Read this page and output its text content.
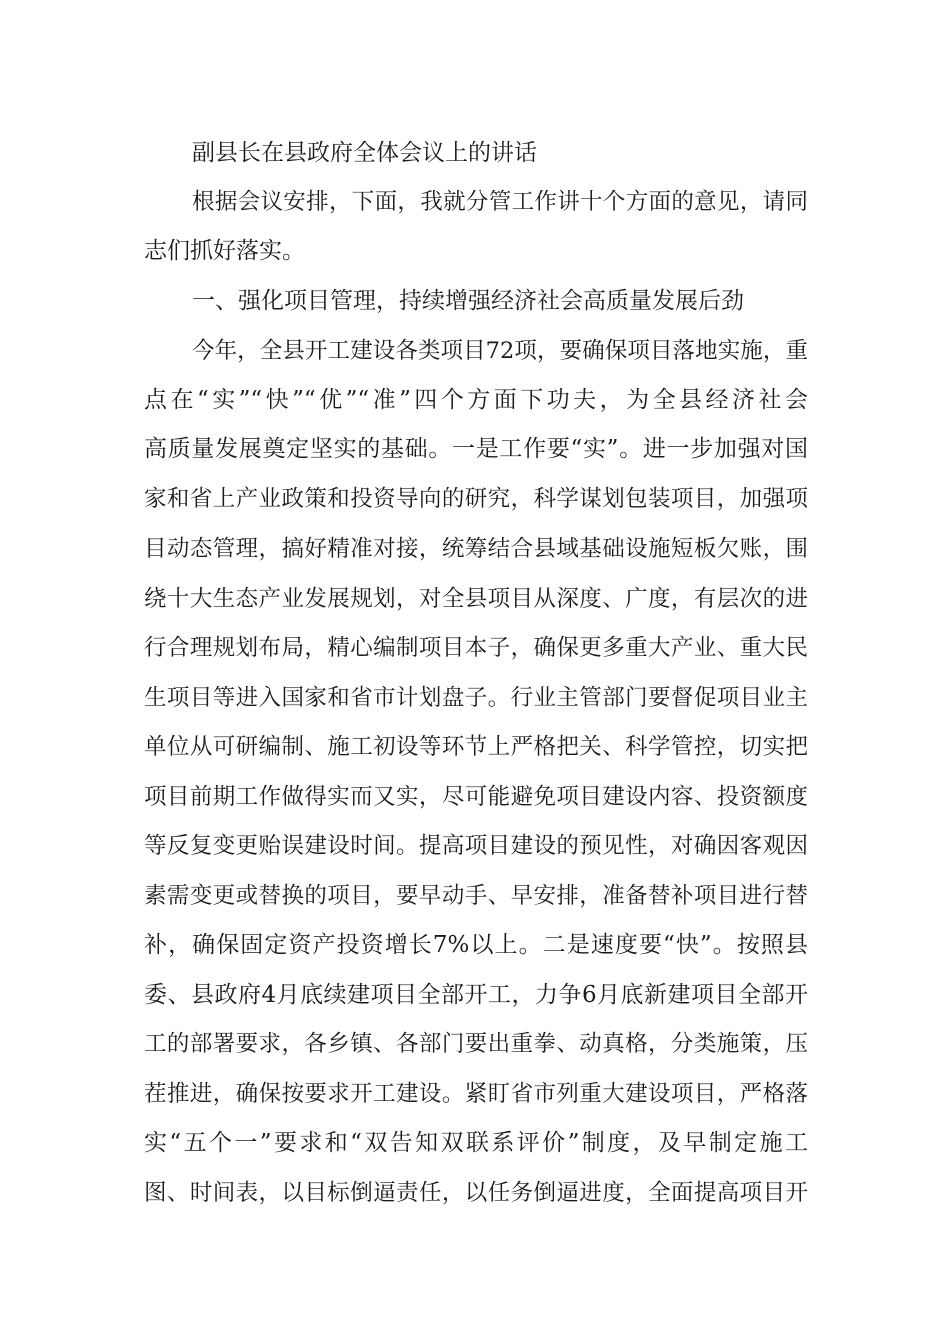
副县长在县政府全体会议上的讲话
根据会议安排，下面，我就分管工作讲十个方面的意见，请同
志们抓好落实。
一、强化项目管理，持续增强经济社会高质量发展后劲
今年，全县开工建设各类项目72项，要确保项目落地实施，重
点在“实”“快”“优”“准”四个方面下功夫，为全县经济社会
高质量发展奠定坚实的基础。一是工作要“实”。进一步加强对国
家和省上产业政策和投资导向的研究，科学谋划包装项目，加强项
目动态管理，搞好精准对接，统筹结合县域基础设施短板欠账，围
绕十大生态产业发展规划，对全县项目从深度、广度，有层次的进
行合理规划布局，精心编制项目本子，确保更多重大产业、重大民
生项目等进入国家和省市计划盘子。行业主管部门要督促项目业主
单位从可研编制、施工初设等环节上严格把关、科学管控，切实把
项目前期工作做得实而又实，尽可能避免项目建设内容、投资额度
等反复变更贻误建设时间。提高项目建设的预见性，对确因客观因
素需变更或替换的项目，要早动手、早安排，准备替补项目进行替
补，确保固定资产投资增长7%以上。二是速度要“快”。按照县
委、县政府4月底续建项目全部开工，力争6月底新建项目全部开
工的部署要求，各乡镇、各部门要出重拳、动真格，分类施策，压
茬推进，确保按要求开工建设。紧盯省市列重大建设项目，严格落
实“五个一”要求和“双告知双联系评价”制度，及早制定施工
图、时间表，以目标倒逼责任，以任务倒逼进度，全面提高项目开
